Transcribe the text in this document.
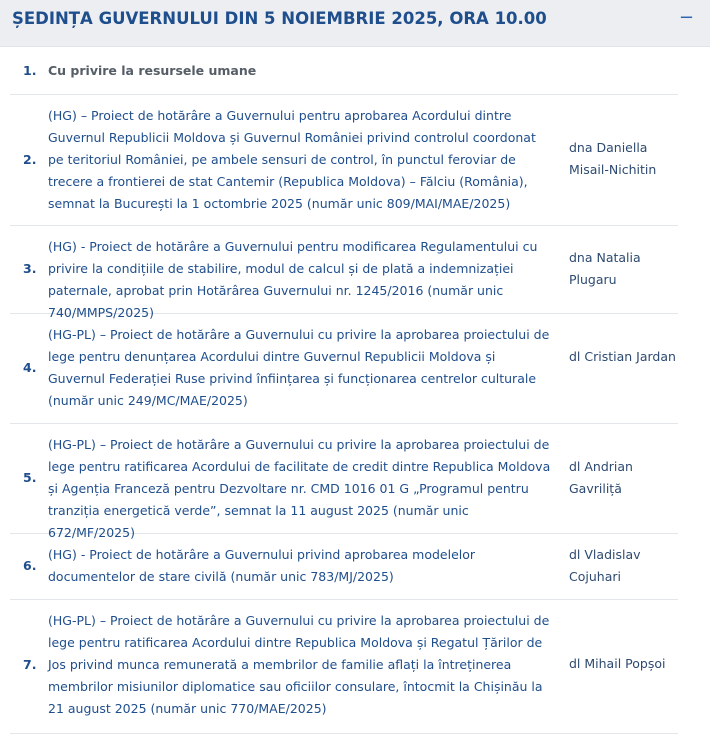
ȘEDINȚA GUVERNULUI DIN 5 NOIEMBRIE 2025, ORA 10.00	−
1. Cu privire la resursele umane
2.

(HG) – Proiect de hotărâre a Guvernului pentru aprobarea Acordului dintre Guvernul Republicii Moldova și Guvernul României privind controlul coordonat pe teritoriul României, pe ambele sensuri de control, în punctul feroviar de trecere a frontierei de stat Cantemir (Republica Moldova) – Fălciu (România), semnat la București la 1 octombrie 2025 (număr unic 809/MAI/MAE/2025)

dna Daniella Misail-Nichitin
3.

(HG) - Proiect de hotărâre a Guvernului pentru modificarea Regulamentului cu privire la condițiile de stabilire, modul de calcul și de plată a indemnizației paternale, aprobat prin Hotărârea Guvernului nr. 1245/2016 (număr unic 740/MMPS/2025)

dna Natalia Plugaru
4.

(HG-PL) – Proiect de hotărâre a Guvernului cu privire la aprobarea proiectului de lege pentru denunțarea Acordului dintre Guvernul Republicii Moldova și Guvernul Federației Ruse privind înființarea și funcționarea centrelor culturale (număr unic 249/MC/MAE/2025)

dl Cristian Jardan
5.

(HG-PL) – Proiect de hotărâre a Guvernului cu privire la aprobarea proiectului de lege pentru ratificarea Acordului de facilitate de credit dintre Republica Moldova și Agenția Franceză pentru Dezvoltare nr. CMD 1016 01 G „Programul pentru tranziția energetică verde”, semnat la 11 august 2025 (număr unic 672/MF/2025)

dl Andrian Gavriliță
6.

(HG) - Proiect de hotărâre a Guvernului privind aprobarea modelelor documentelor de stare civilă (număr unic 783/MJ/2025)

dl Vladislav Cojuhari
7.

(HG-PL) – Proiect de hotărâre a Guvernului cu privire la aprobarea proiectului de lege pentru ratificarea Acordului dintre Republica Moldova și Regatul Țărilor de Jos privind munca remunerată a membrilor de familie aflați la întreținerea membrilor misiunilor diplomatice sau oficiilor consulare, întocmit la Chișinău la 21 august 2025 (număr unic 770/MAE/2025)

dl Mihail Popșoi
